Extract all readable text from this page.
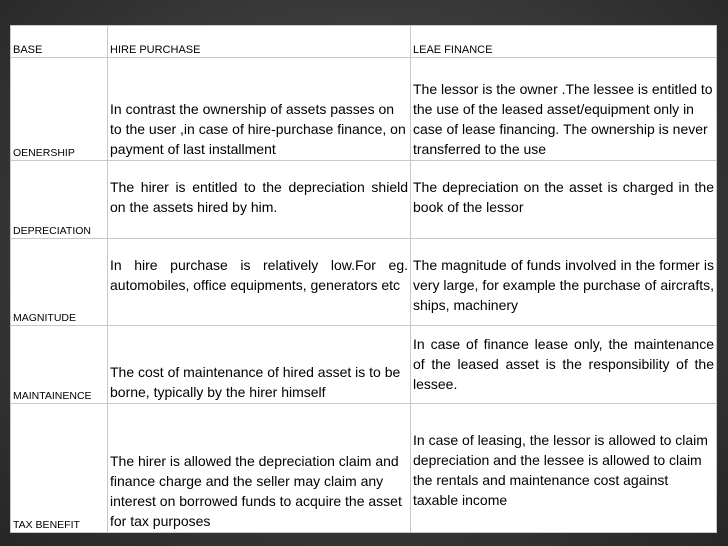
BASE	HIRE PURCHASE	LEAE FINANCE
OENERSHIP	In contrast the ownership of assets passes on to the user ,in case of hire-purchase finance, on payment of last installment	The lessor is the owner .The lessee is entitled to the use of the leased asset/equipment only in case of lease financing. The ownership is never transferred to the use
DEPRECIATION	The hirer is entitled to the depreciation shield on the assets hired by him.	The depreciation on the asset is charged in the book of the lessor
MAGNITUDE	In hire purchase is relatively low.For eg. automobiles, office equipments, generators etc	The magnitude of funds involved in the former is very large, for example the purchase of aircrafts, ships, machinery
MAINTAINENCE	The cost of maintenance of hired asset is to be borne, typically by the hirer himself	In case of finance lease only, the maintenance of the leased asset is the responsibility of the lessee.
TAX BENEFIT	The hirer is allowed the depreciation claim and finance charge and the seller may claim any interest on borrowed funds to acquire the asset for tax purposes	In case of leasing, the lessor is allowed to claim depreciation and the lessee is allowed to claim the rentals and maintenance cost against taxable income
